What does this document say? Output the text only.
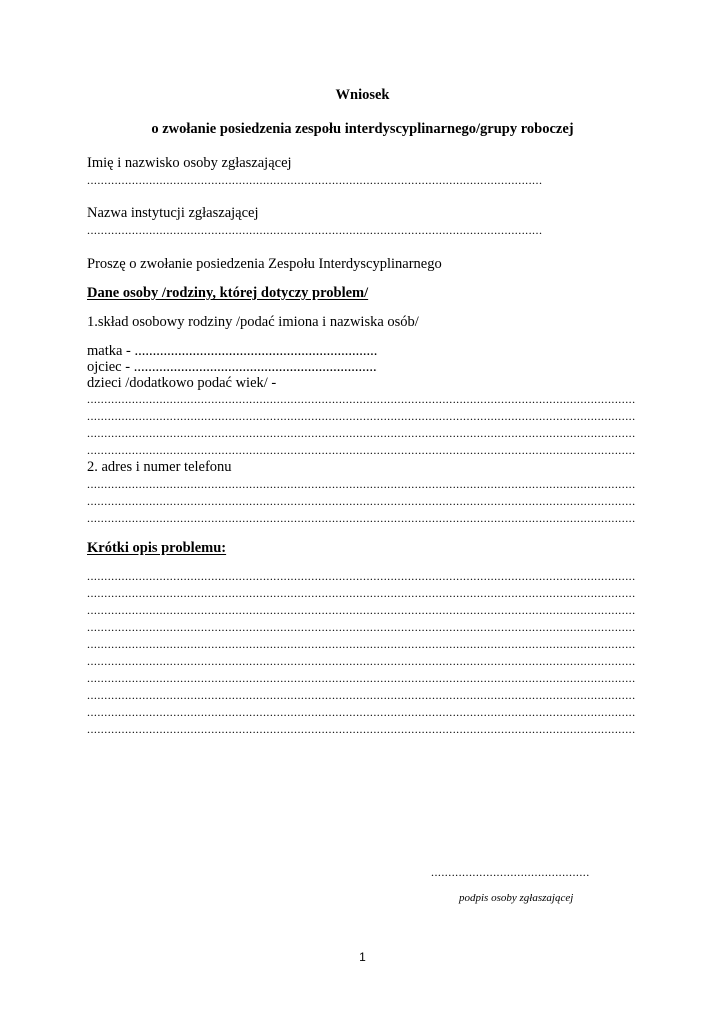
Wniosek
o zwołanie posiedzenia zespołu interdyscyplinarnego/grupy roboczej
Imię i nazwisko osoby zgłaszającej
....................................................................................................................................
Nazwa instytucji zgłaszającej
....................................................................................................................................
Proszę o zwołanie posiedzenia Zespołu Interdyscyplinarnego
Dane osoby /rodziny, której dotyczy problem/
1.skład osobowy rodziny /podać imiona i nazwiska osób/
matka - ...................................................................
ojciec - ...................................................................
dzieci /dodatkowo podać wiek/ -
...............................................................................................................................................................
...............................................................................................................................................................
...............................................................................................................................................................
...............................................................................................................................................................
2. adres i numer telefonu
...............................................................................................................................................................
...............................................................................................................................................................
...............................................................................................................................................................
Krótki opis problemu:
...............................................................................................................................................................
...............................................................................................................................................................
...............................................................................................................................................................
...............................................................................................................................................................
...............................................................................................................................................................
...............................................................................................................................................................
...............................................................................................................................................................
...............................................................................................................................................................
...............................................................................................................................................................
...............................................................................................................................................................
..............................................
podpis osoby zgłaszającej
1
